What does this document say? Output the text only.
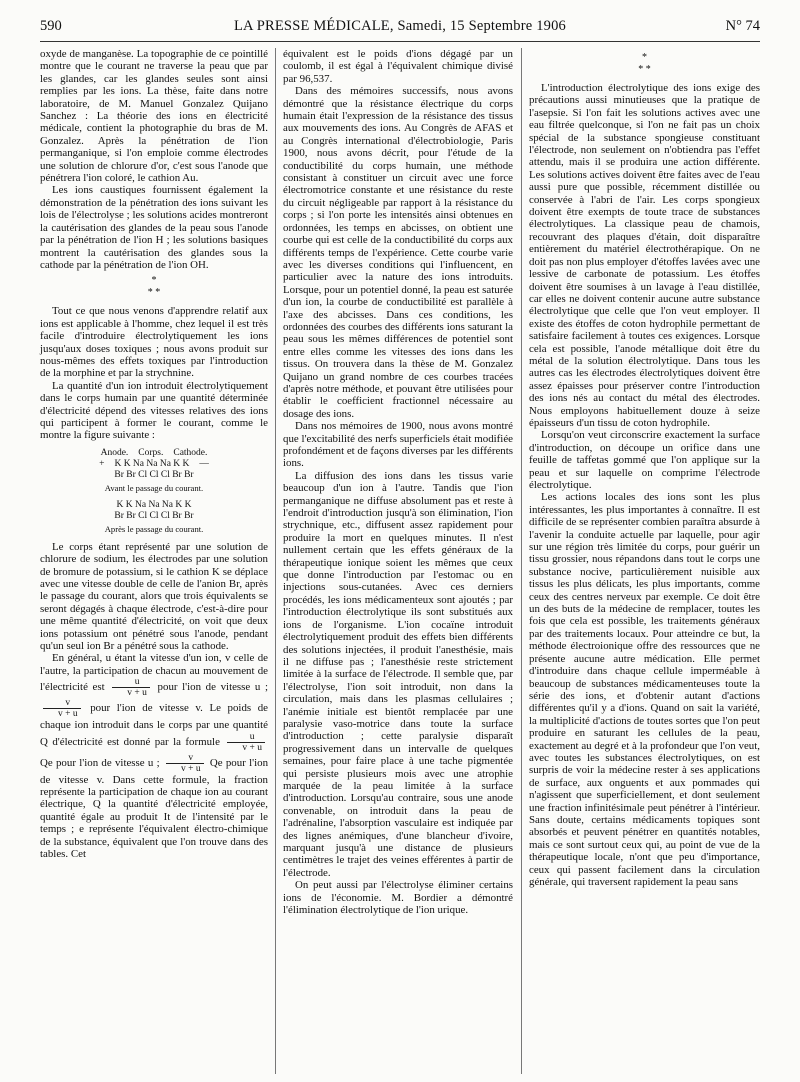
590	LA PRESSE MÉDICALE, Samedi, 15 Septembre 1906	N° 74

oxyde de manganèse. La topographie de ce pointillé montre que le courant ne traverse la peau que par les glandes, car les glandes seules sont ainsi remplies par les ions. La thèse, faite dans notre laboratoire, de M. Manuel Gonzalez Quijano Sanchez : La théorie des ions en électricité médicale, contient la photographie du bras de M. Gonzalez. Après la pénétration de l'ion permanganique, si l'on emploie comme électrodes une solution de chlorure d'or, c'est sous l'anode que pénétrera l'ion coloré, le cathion Au.

Les ions caustiques fournissent également la démonstration de la pénétration des ions suivant les lois de l'électrolyse ; les solutions acides montreront la cautérisation des glandes de la peau sous l'anode par la pénétration de l'ion H ; les solutions basiques montrent la cautérisation des glandes sous la cathode par la pénétration de l'ion OH.

*
* *

Tout ce que nous venons d'apprendre relatif aux ions est applicable à l'homme, chez lequel il est très facile d'introduire électrolytiquement les ions jusqu'aux doses toxiques ; nous avons produit sur nous-mêmes des effets toxiques par l'introduction de la morphine et par la strychnine.

La quantité d'un ion introduit électrolytiquement dans le corps humain par une quantité déterminée d'électricité dépend des vitesses relatives des ions qui participent à former le courant, comme le montre la figure suivante :

Anode. Corps. Cathode.
+ K K Na Na Na K K —
Br Br Cl Cl Cl Br Br
Avant le passage du courant.
K K Na Na Na K K
Br Br Cl Cl Cl Br Br
Après le passage du courant.

Le corps étant représenté par une solution de chlorure de sodium, les électrodes par une solution de bromure de potassium, si le cathion K se déplace avec une vitesse double de celle de l'anion Br, après le passage du courant, alors que trois équivalents se seront dégagés à chaque électrode, c'est-à-dire pour une même quantité d'électricité, on voit que deux ions potassium ont pénétré sous l'anode, pendant qu'un seul ion Br a pénétré sous la cathode.

En général, u étant la vitesse d'un ion, v celle de l'autre, la participation de chacun au mouvement de l'électricité est $\frac{u}{v + u}$ pour l'ion de vitesse u ;
$\frac{v}{v + u}$ pour l'ion de vitesse v. Le poids de chaque ion introduit dans le corps par une quantité Q d'électricité est donné par la formule $\frac{u}{v + u}$
Qe pour l'ion de vitesse u ; $\frac{v}{v + u}$ Qe pour l'ion de vitesse v. Dans cette formule, la fraction représente la participation de chaque ion au courant électrique, Q la quantité d'électricité employée, quantité égale au produit It de l'intensité par le temps ; e représente l'équivalent électro-chimique de la substance, équivalent que l'on trouve dans des tables. Cet

équivalent est le poids d'ions dégagé par un coulomb, il est égal à l'équivalent chimique divisé par 96,537.

Dans des mémoires successifs, nous avons démontré que la résistance électrique du corps humain était l'expression de la résistance des tissus aux mouvements des ions. Au Congrès de AFAS et au Congrès international d'électrobiologie, Paris 1900, nous avons décrit, pour l'étude de la conductibilité du corps humain, une méthode consistant à constituer un circuit avec une force électromotrice constante et une résistance du reste du circuit négligeable par rapport à la résistance du corps ; si l'on porte les intensités ainsi obtenues en ordonnées, les temps en abcisses, on obtient une courbe qui est celle de la conductibilité du corps aux différents temps de l'expérience. Cette courbe varie avec les diverses conditions qui l'influencent, en particulier avec la nature des ions introduits. Lorsque, pour un potentiel donné, la peau est saturée d'un ion, la courbe de conductibilité est parallèle à l'axe des abcisses. Dans ces conditions, les ordonnées des courbes des différents ions saturant la peau sous les mêmes différences de potentiel sont entre elles comme les vitesses des ions dans les tissus. On trouvera dans la thèse de M. Gonzalez Quijano un grand nombre de ces courbes tracées d'après notre méthode, et pouvant être utilisées pour établir le coefficient fractionnel nécessaire au dosage des ions.

Dans nos mémoires de 1900, nous avons montré que l'excitabilité des nerfs superficiels était modifiée profondément et de façons diverses par les différents ions.

La diffusion des ions dans les tissus varie beaucoup d'un ion à l'autre. Tandis que l'ion permanganique ne diffuse absolument pas et reste à l'endroit d'introduction jusqu'à son élimination, l'ion strychnique, etc., diffusent assez rapidement pour produire la mort en quelques minutes. Il n'est nullement certain que les effets généraux de la thérapeutique ionique soient les mêmes que ceux que donne l'introduction par l'estomac ou en injections sous-cutanées. Avec ces derniers procédés, les ions médicamenteux sont ajoutés ; par l'introduction électrolytique ils sont substitués aux ions de l'organisme. L'ion cocaïne introduit électrolytiquement produit des effets bien différents des solutions injectées, il produit l'anesthésie, mais il ne diffuse pas ; l'anesthésie reste strictement limitée à la surface de l'électrode. Il semble que, par l'électrolyse, l'ion soit introduit, non dans la circulation, mais dans les plasmas cellulaires ; l'anémie initiale est bientôt remplacée par une paralysie vaso-motrice dans toute la surface d'introduction ; cette paralysie disparaît progressivement dans un intervalle de quelques semaines, pour faire place à une tache pigmentée qui persiste plusieurs mois avec une atrophie marquée de la peau limitée à la surface d'introduction. Lorsqu'au contraire, sous une anode convenable, on introduit dans la peau de l'adrénaline, l'absorption vasculaire est indiquée par des lignes anémiques, d'une blancheur d'ivoire, marquant jusqu'à une distance de plusieurs centimètres le trajet des veines efférentes à partir de l'électrode.

On peut aussi par l'électrolyse éliminer certains ions de l'économie. M. Bordier a démontré l'élimination électrolytique de l'ion urique.

*
* *

L'introduction électrolytique des ions exige des précautions aussi minutieuses que la pratique de l'asepsie. Si l'on fait les solutions actives avec une eau filtrée quelconque, si l'on ne fait pas un choix spécial de la substance spongieuse constituant l'électrode, non seulement on n'obtiendra pas l'effet attendu, mais il se produira une action différente. Les solutions actives doivent être faites avec de l'eau aussi pure que possible, récemment distillée ou conservée à l'abri de l'air. Les corps spongieux doivent être exempts de toute trace de substances électrolytiques. La classique peau de chamois, recouvrant des plaques d'étain, doit disparaître entièrement du matériel électrothérapique. On ne doit pas non plus employer d'étoffes lavées avec une lessive de carbonate de potassium. Les étoffes doivent être soumises à un lavage à l'eau distillée, car elles ne doivent contenir aucune autre substance électrolytique que celle que l'on veut employer. Il existe des étoffes de coton hydrophile permettant de satisfaire facilement à toutes ces exigences. Lorsque cela est possible, l'anode métallique doit être du métal de la solution électrolytique. Dans tous les autres cas les électrodes électrolytiques doivent être assez épaisses pour préserver contre l'introduction des ions nés au contact du métal des électrodes. Nous employons habituellement douze à seize épaisseurs d'un tissu de coton hydrophile.

Lorsqu'on veut circonscrire exactement la surface d'introduction, on découpe un orifice dans une feuille de taffetas gommé que l'on applique sur la peau et sur laquelle on comprime l'électrode électrolytique.

Les actions locales des ions sont les plus intéressantes, les plus importantes à connaître. Il est difficile de se représenter combien paraîtra absurde à l'avenir la conduite actuelle par laquelle, pour agir sur une région très limitée du corps, pour guérir un tissu grossier, nous répandons dans tout le corps une substance nocive, particulièrement nuisible aux tissus les plus délicats, les plus importants, comme ceux des centres nerveux par exemple. Ce doit être un des buts de la médecine de remplacer, toutes les fois que cela est possible, les traitements généraux par des traitements locaux. Pour atteindre ce but, la méthode électroionique offre des ressources que ne présente aucune autre médication. Elle permet d'introduire dans chaque cellule imperméable à beaucoup de substances médicamenteuses toute la série des ions, et d'obtenir autant d'actions différentes qu'il y a d'ions. Quand on sait la variété, la multiplicité d'actions de toutes sortes que l'on peut produire en saturant les cellules de la peau, exactement au degré et à la profondeur que l'on veut, avec toutes les substances électrolytiques, on est surpris de voir la médecine rester à ses applications de surface, aux onguents et aux pommades qui n'agissent que superficiellement, et dont seulement une fraction infinitésimale peut pénétrer à l'intérieur. Sans doute, certains médicaments topiques sont absorbés et peuvent pénétrer en quantités notables, mais ce sont surtout ceux qui, au point de vue de la thérapeutique locale, n'ont que peu d'importance, ceux qui passent facilement dans la circulation générale, qui traversent rapidement la peau sans
